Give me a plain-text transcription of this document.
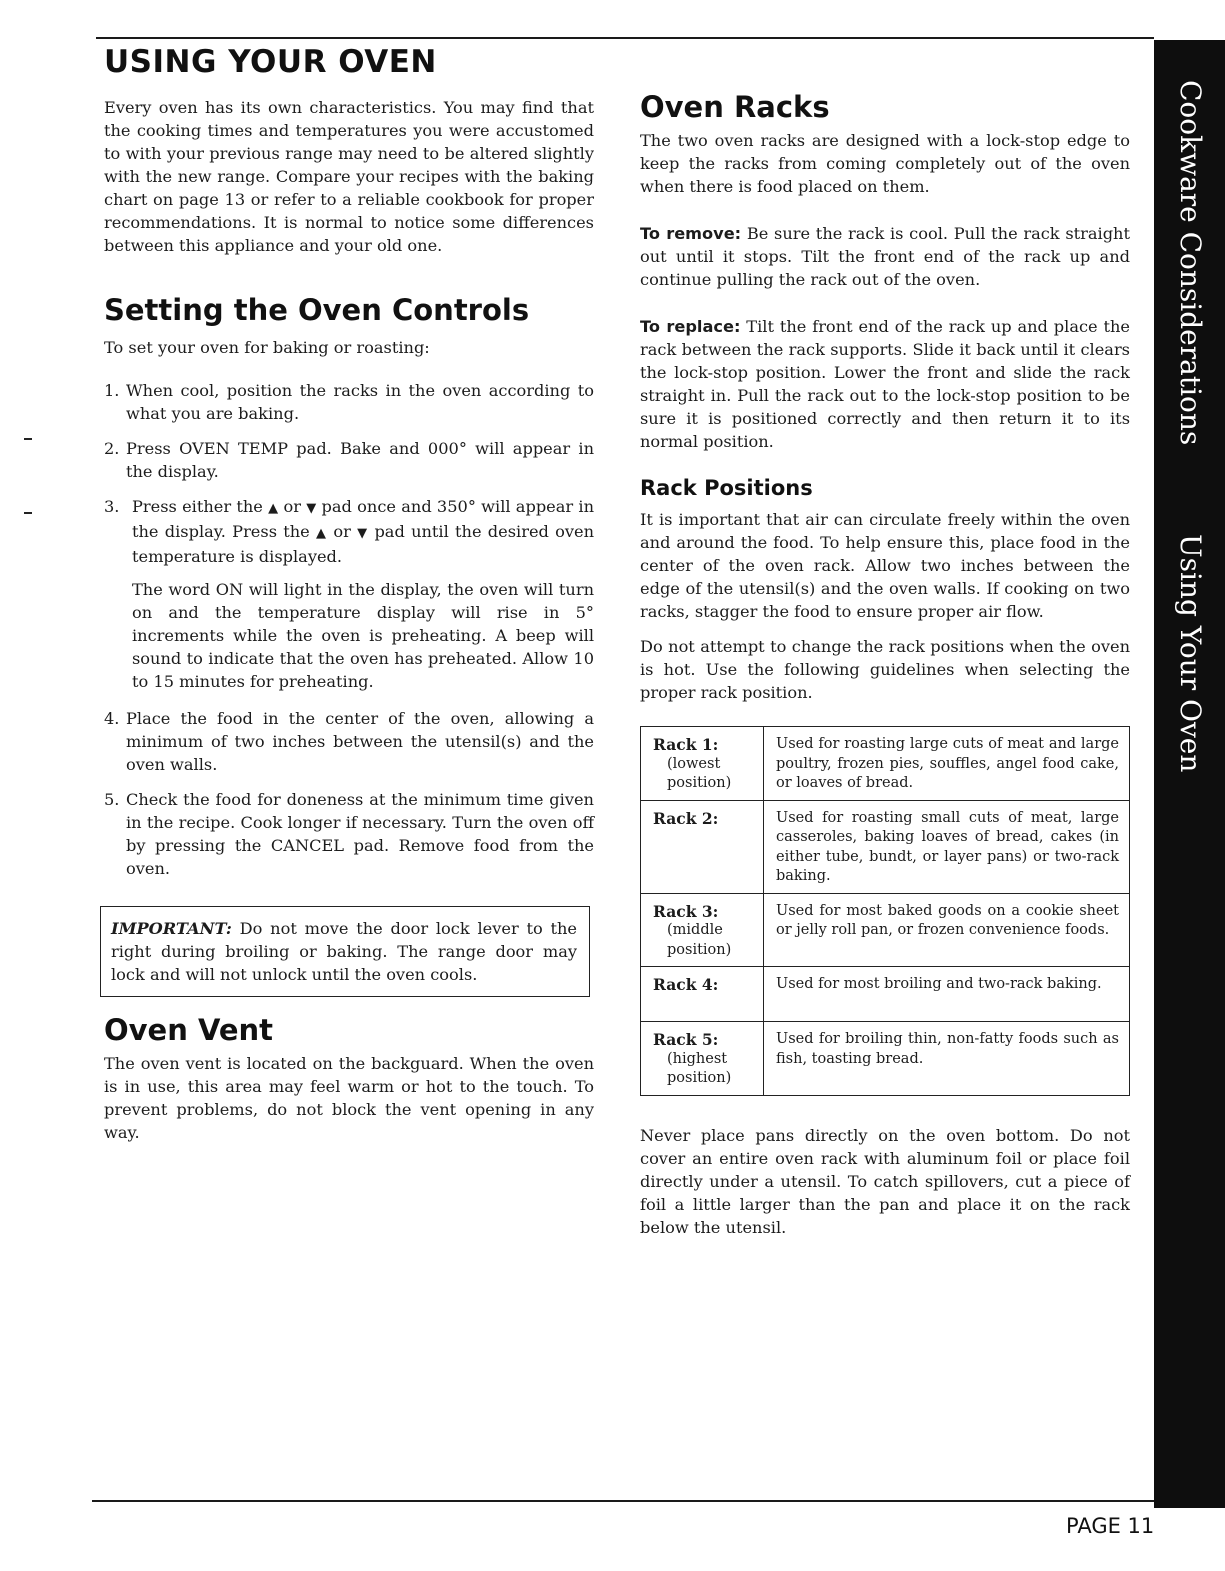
USING YOUR OVEN

Every oven has its own characteristics. You may find that the cooking times and temperatures you were accustomed to with your previous range may need to be altered slightly with the new range. Compare your recipes with the baking chart on page 13 or refer to a reliable cookbook for proper recommendations. It is normal to notice some differences between this appliance and your old one.

Setting the Oven Controls

To set your oven for baking or roasting:

1. When cool, position the racks in the oven according to what you are baking.
2. Press OVEN TEMP pad. Bake and 000° will appear in the display.
3. Press either the ▲ or ▼ pad once and 350° will appear in the display. Press the ▲ or ▼ pad until the desired oven temperature is displayed.

The word ON will light in the display, the oven will turn on and the temperature display will rise in 5° increments while the oven is preheating. A beep will sound to indicate that the oven has preheated. Allow 10 to 15 minutes for preheating.

4. Place the food in the center of the oven, allowing a minimum of two inches between the utensil(s) and the oven walls.
5. Check the food for doneness at the minimum time given in the recipe. Cook longer if necessary. Turn the oven off by pressing the CANCEL pad. Remove food from the oven.
IMPORTANT: Do not move the door lock lever to the right during broiling or baking. The range door may lock and will not unlock until the oven cools.
Oven Vent

The oven vent is located on the backguard. When the oven is in use, this area may feel warm or hot to the touch. To prevent problems, do not block the vent opening in any way.

Oven Racks

The two oven racks are designed with a lock-stop edge to keep the racks from coming completely out of the oven when there is food placed on them.

To remove: Be sure the rack is cool. Pull the rack straight out until it stops. Tilt the front end of the rack up and continue pulling the rack out of the oven.

To replace: Tilt the front end of the rack up and place the rack between the rack supports. Slide it back until it clears the lock-stop position. Lower the front and slide the rack straight in. Pull the rack out to the lock-stop position to be sure it is positioned correctly and then return it to its normal position.

Rack Positions

It is important that air can circulate freely within the oven and around the food. To help ensure this, place food in the center of the oven rack. Allow two inches between the edge of the utensil(s) and the oven walls. If cooking on two racks, stagger the food to ensure proper air flow.

Do not attempt to change the rack positions when the oven is hot. Use the following guidelines when selecting the proper rack position.

Rack 1:
(lowest position)	Used for roasting large cuts of meat and large poultry, frozen pies, souffles, angel food cake, or loaves of bread.

Rack 2:	Used for roasting small cuts of meat, large casseroles, baking loaves of bread, cakes (in either tube, bundt, or layer pans) or two-rack baking.

Rack 3:
(middle position)	Used for most baked goods on a cookie sheet or jelly roll pan, or frozen convenience foods.

Rack 4:	Used for most broiling and two-rack baking.

Rack 5:
(highest position)	Used for broiling thin, non-fatty foods such as fish, toasting bread.

Never place pans directly on the oven bottom. Do not cover an entire oven rack with aluminum foil or place foil directly under a utensil. To catch spillovers, cut a piece of foil a little larger than the pan and place it on the rack below the utensil.

Cookware Considerations
Using Your Oven

PAGE 11
